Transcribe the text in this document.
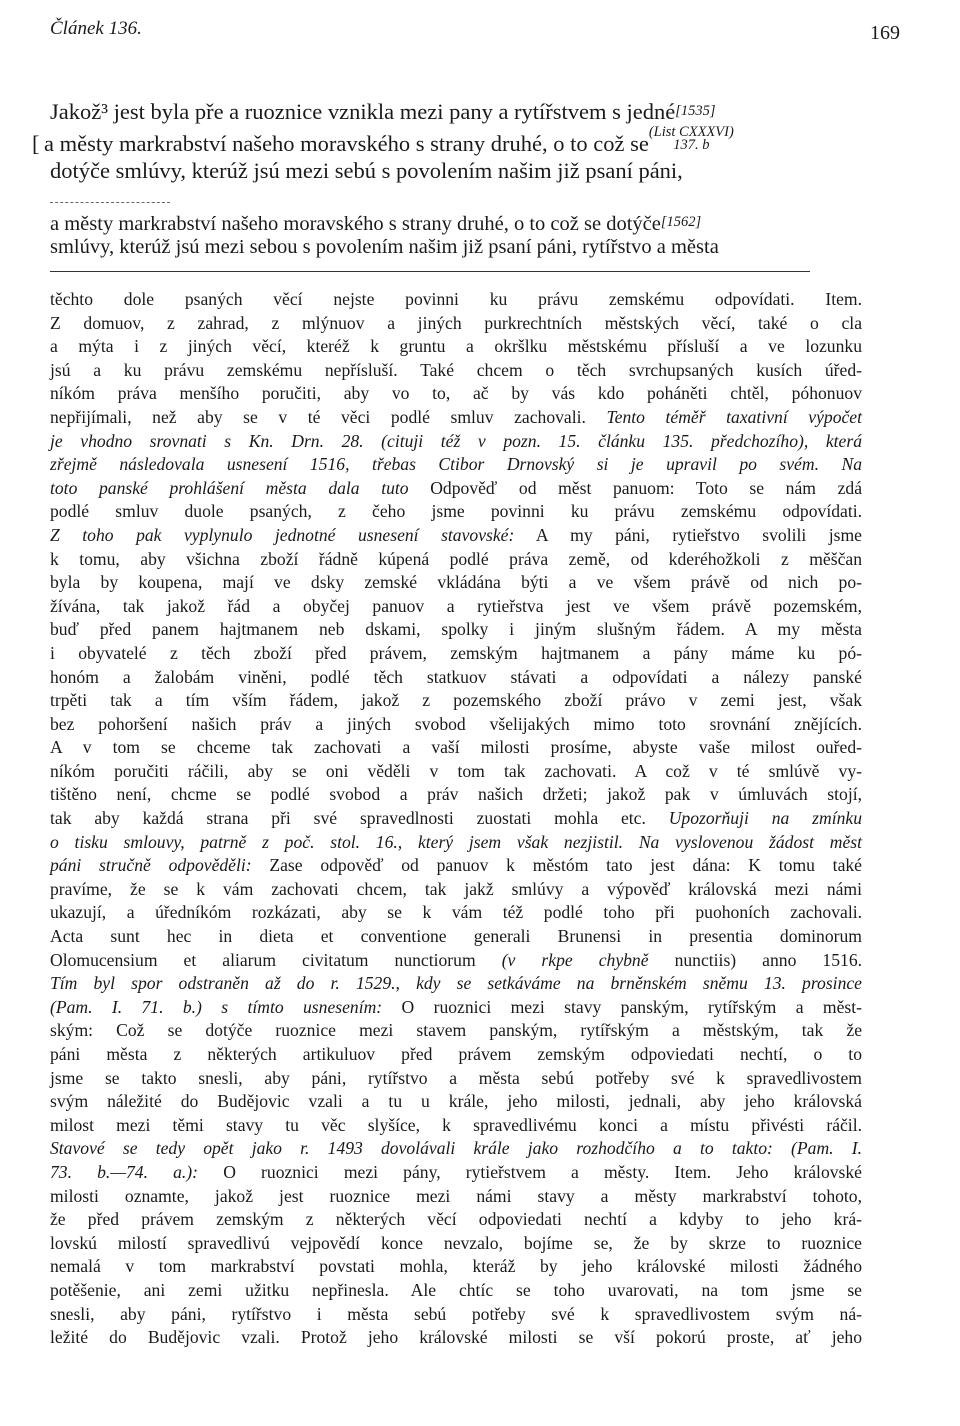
Článek 136.	169
Jakož³ jest byla pře a ruoznice vznikla mezi pany a rytířstvem s jedné[1535]
[ a městy markrabství našeho moravského s strany druhé, o to což se(List CXXXVI)
137. b
dotýče smlúvy, kterúž jsú mezi sebú s povolením našim již psaní páni,
a městy markrabství našeho moravského s strany druhé, o to což se dotýče[1562]
smlúvy, kterúž jsú mezi sebou s povolením našim již psaní páni, rytířstvo a města
těchto dole psaných věcí nejste povinni ku právu zemskému odpovídati. Item.
Z domuov, z zahrad, z mlýnuov a jiných purkrechtních městských věcí, také o cla
a mýta i z jiných věcí, kteréž k gruntu a okršlku městskému přísluší a ve lozunku
jsú a ku právu zemskému nepřísluší. Také chcem o těch svrchupsaných kusích úřed-
níkóm práva menšího poručiti, aby vo to, ač by vás kdo poháněti chtěl, póhonuov
nepřijímali, než aby se v té věci podlé smluv zachovali. Tento téměř taxativní výpočet
je vhodno srovnati s Kn. Drn. 28. (cituji též v pozn. 15. článku 135. předchozího), která
zřejmě následovala usnesení 1516, třebas Ctibor Drnovský si je upravil po svém. Na
toto panské prohlášení města dala tuto Odpověď od měst panuom: Toto se nám zdá
podlé smluv duole psaných, z čeho jsme povinni ku právu zemskému odpovídati.
Z toho pak vyplynulo jednotné usnesení stavovské: A my páni, rytieřstvo svolili jsme
k tomu, aby všichna zboží řádně kúpená podlé práva země, od kderéhožkoli z měščan
byla by koupena, mají ve dsky zemské vkládána býti a ve všem právě od nich po-
žívána, tak jakož řád a obyčej panuov a rytieřstva jest ve všem právě pozemském,
buď před panem hajtmanem neb dskami, spolky i jiným slušným řádem. A my města
i obyvatelé z těch zboží před právem, zemským hajtmanem a pány máme ku pó-
honóm a žalobám viněni, podlé těch statkuov stávati a odpovídati a nálezy panské
trpěti tak a tím vším řádem, jakož z pozemského zboží právo v zemi jest, však
bez pohoršení našich práv a jiných svobod všelijakých mimo toto srovnání znějících.
A v tom se chceme tak zachovati a vaší milosti prosíme, abyste vaše milost ouřed-
níkóm poručiti ráčili, aby se oni věděli v tom tak zachovati. A což v té smlúvě vy-
tištěno není, chcme se podlé svobod a práv našich držeti; jakož pak v úmluvách stojí,
tak aby každá strana při své spravedlnosti zuostati mohla etc. Upozorňuji na zmínku
o tisku smlouvy, patrně z poč. stol. 16., který jsem však nezjistil. Na vyslovenou žádost měst
páni stručně odpověděli: Zase odpověď od panuov k městóm tato jest dána: K tomu také
pravíme, že se k vám zachovati chcem, tak jakž smlúvy a výpověď královská mezi námi
ukazují, a úředníkóm rozkázati, aby se k vám též podlé toho při puohoních zachovali.
Acta sunt hec in dieta et conventione generali Brunensi in presentia dominorum
Olomucensium et aliarum civitatum nunctiorum (v rkpe chybně nunctiis) anno 1516.
Tím byl spor odstraněn až do r. 1529., kdy se setkáváme na brněnském sněmu 13. prosince
(Pam. I. 71. b.) s tímto usnesením: O ruoznici mezi stavy panským, rytířským a měst-
ským: Což se dotýče ruoznice mezi stavem panským, rytířským a městským, tak že
páni města z některých artikuluov před právem zemským odpoviedati nechtí, o to
jsme se takto snesli, aby páni, rytířstvo a města sebú potřeby své k spravedlivostem
svým náležité do Budějovic vzali a tu u krále, jeho milosti, jednali, aby jeho královská
milost mezi těmi stavy tu věc slyšíce, k spravedlivému konci a místu přivésti ráčil.
Stavové se tedy opět jako r. 1493 dovolávali krále jako rozhodčího a to takto: (Pam. I.
73. b.—74. a.): O ruoznici mezi pány, rytieřstvem a městy. Item. Jeho královské
milosti oznamte, jakož jest ruoznice mezi námi stavy a městy markrabství tohoto,
že před právem zemským z některých věcí odpoviedati nechtí a kdyby to jeho krá-
lovskú milostí spravedlivú vejpovědí konce nevzalo, bojíme se, že by skrze to ruoznice
nemalá v tom markrabství povstati mohla, kteráž by jeho královské milosti žádného
potěšenie, ani zemi užitku nepřinesla. Ale chtíc se toho uvarovati, na tom jsme se
snesli, aby páni, rytířstvo i města sebú potřeby své k spravedlivostem svým ná-
ležité do Budějovic vzali. Protož jeho královské milosti se vší pokorú proste, ať jeho
